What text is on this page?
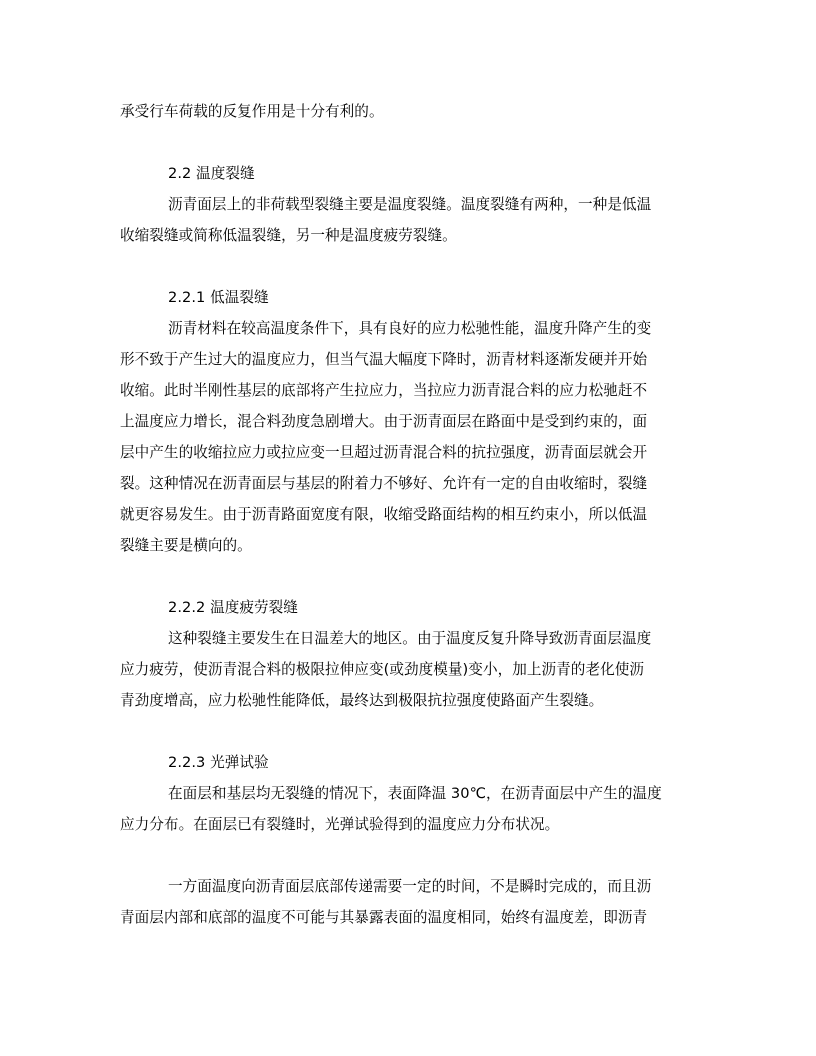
承受行车荷载的反复作用是十分有利的。
2.2 温度裂缝
沥青面层上的非荷载型裂缝主要是温度裂缝。温度裂缝有两种，一种是低温
收缩裂缝或简称低温裂缝，另一种是温度疲劳裂缝。
2.2.1 低温裂缝
沥青材料在较高温度条件下，具有良好的应力松驰性能，温度升降产生的变
形不致于产生过大的温度应力，但当气温大幅度下降时，沥青材料逐渐发硬并开始
收缩。此时半刚性基层的底部将产生拉应力，当拉应力沥青混合料的应力松驰赶不
上温度应力增长，混合料劲度急剧增大。由于沥青面层在路面中是受到约束的，面
层中产生的收缩拉应力或拉应变一旦超过沥青混合料的抗拉强度，沥青面层就会开
裂。这种情况在沥青面层与基层的附着力不够好、允许有一定的自由收缩时，裂缝
就更容易发生。由于沥青路面宽度有限，收缩受路面结构的相互约束小，所以低温
裂缝主要是横向的。
2.2.2 温度疲劳裂缝
这种裂缝主要发生在日温差大的地区。由于温度反复升降导致沥青面层温度
应力疲劳，使沥青混合料的极限拉伸应变(或劲度模量)变小，加上沥青的老化使沥
青劲度增高，应力松驰性能降低，最终达到极限抗拉强度使路面产生裂缝。
2.2.3 光弹试验
在面层和基层均无裂缝的情况下，表面降温 30℃，在沥青面层中产生的温度
应力分布。在面层已有裂缝时，光弹试验得到的温度应力分布状况。
一方面温度向沥青面层底部传递需要一定的时间，不是瞬时完成的，而且沥
青面层内部和底部的温度不可能与其暴露表面的温度相同，始终有温度差，即沥青
